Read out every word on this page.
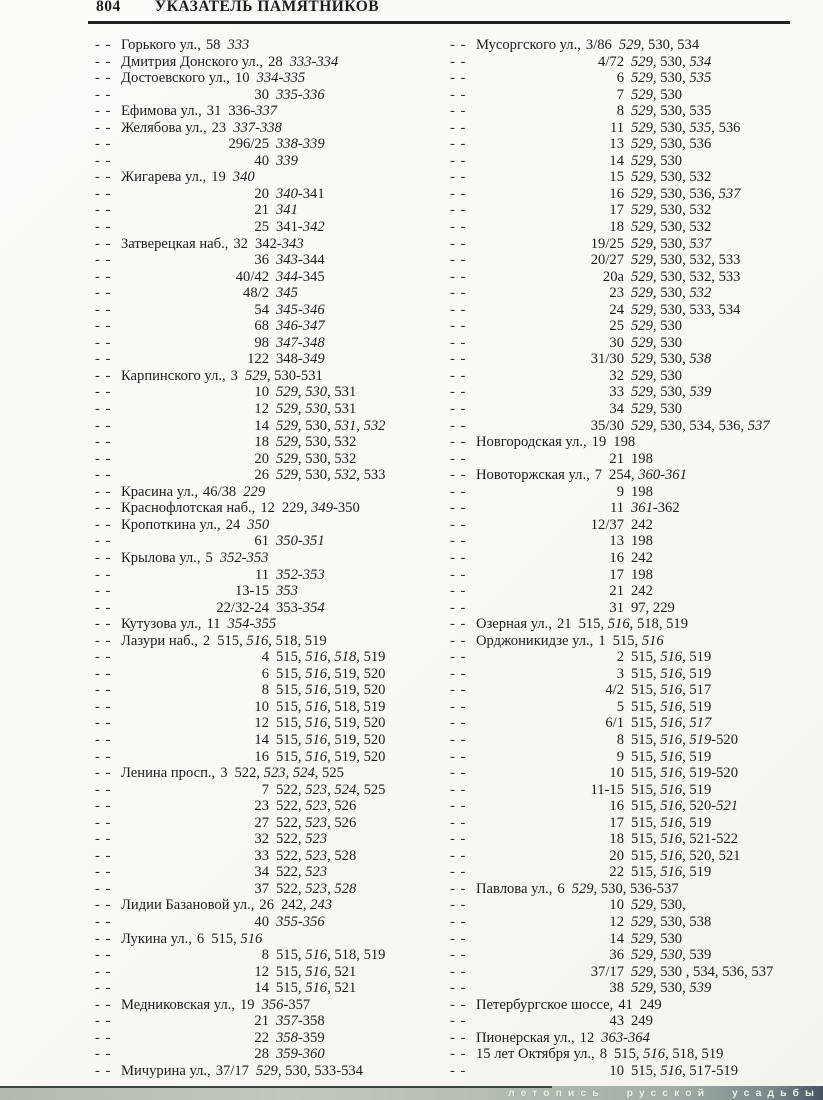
804 УКАЗАТЕЛЬ ПАМЯТНИКОВ
- - Горького ул., 58 333
- - Дмитрия Донского ул., 28 333-334
- - Достоевского ул., 10 334-335
- -	30 335-336
- - Ефимова ул., 31 336-337
- - Желябова ул., 23 337-338
- -	296/25 338-339
- -	40 339
- - Жигарева ул., 19 340
- -	20 340-341
- -	21 341
- -	25 341-342
- - Затверецкая наб., 32 342-343
- -	36 343-344
- -	40/42 344-345
- -	48/2 345
- -	54 345-346
- -	68 346-347
- -	98 347-348
- -	122 348-349
- - Карпинского ул., 3 529, 530-531
- -	10 529, 530, 531
- -	12 529, 530, 531
- -	14 529, 530, 531, 532
- -	18 529, 530, 532
- -	20 529, 530, 532
- -	26 529, 530, 532, 533
- - Красина ул., 46/38 229
- - Краснофлотская наб., 12 229, 349-350
- - Кропоткина ул., 24 350
- -	61 350-351
- - Крылова ул., 5 352-353
- -	11 352-353
- -	13-15 353
- -	22/32-24 353-354
- - Кутузова ул., 11 354-355
- - Лазури наб., 2 515, 516, 518, 519
- -	4 515, 516, 518, 519
- -	6 515, 516, 519, 520
- -	8 515, 516, 519, 520
- -	10 515, 516, 518, 519
- -	12 515, 516, 519, 520
- -	14 515, 516, 519, 520
- -	16 515, 516, 519, 520
- - Ленина просп., 3 522, 523, 524, 525
- -	7 522, 523, 524, 525
- -	23 522, 523, 526
- -	27 522, 523, 526
- -	32 522, 523
- -	33 522, 523, 528
- -	34 522, 523
- -	37 522, 523, 528
- - Лидии Базановой ул., 26 242, 243
- -	40 355-356
- - Лукина ул., 6 515, 516
- -	8 515, 516, 518, 519
- -	12 515, 516, 521
- -	14 515, 516, 521
- - Медниковская ул., 19 356-357
- -	21 357-358
- -	22 358-359
- -	28 359-360
- - Мичурина ул., 37/17 529, 530, 533-534
- - Мусоргского ул., 3/86 529, 530, 534
- -	4/72 529, 530, 534
- -	6 529, 530, 535
- -	7 529, 530
- -	8 529, 530, 535
- -	11 529, 530, 535, 536
- -	13 529, 530, 536
- -	14 529, 530
- -	15 529, 530, 532
- -	16 529, 530, 536, 537
- -	17 529, 530, 532
- -	18 529, 530, 532
- -	19/25 529, 530, 537
- -	20/27 529, 530, 532, 533
- -	20а 529, 530, 532, 533
- -	23 529, 530, 532
- -	24 529, 530, 533, 534
- -	25 529, 530
- -	30 529, 530
- -	31/30 529, 530, 538
- -	32 529, 530
- -	33 529, 530, 539
- -	34 529, 530
- -	35/30 529, 530, 534, 536, 537
- - Новгородская ул., 19 198
- -	21 198
- - Новоторжская ул., 7 254, 360-361
- -	9 198
- -	11 361-362
- -	12/37 242
- -	13 198
- -	16 242
- -	17 198
- -	21 242
- -	31 97, 229
- - Озерная ул., 21 515, 516, 518, 519
- - Орджоникидзе ул., 1 515, 516
- -	2 515, 516, 519
- -	3 515, 516, 519
- -	4/2 515, 516, 517
- -	5 515, 516, 519
- -	6/1 515, 516, 517
- -	8 515, 516, 519-520
- -	9 515, 516, 519
- -	10 515, 516, 519-520
- -	11-15 515, 516, 519
- -	16 515, 516, 520-521
- -	17 515, 516, 519
- -	18 515, 516, 521-522
- -	20 515, 516, 520, 521
- -	22 515, 516, 519
- - Павлова ул., 6 529, 530, 536-537
- -	10 529, 530,
- -	12 529, 530, 538
- -	14 529, 530
- -	36 529, 530, 539
- -	37/17 529, 530 , 534, 536, 537
- -	38 529, 530, 539
- - Петербургское шоссе, 41 249
- -	43 249
- - Пионерская ул., 12 363-364
- - 15 лет Октября ул., 8 515, 516, 518, 519
- -	10 515, 516, 517-519
летопись русской усадьбы
